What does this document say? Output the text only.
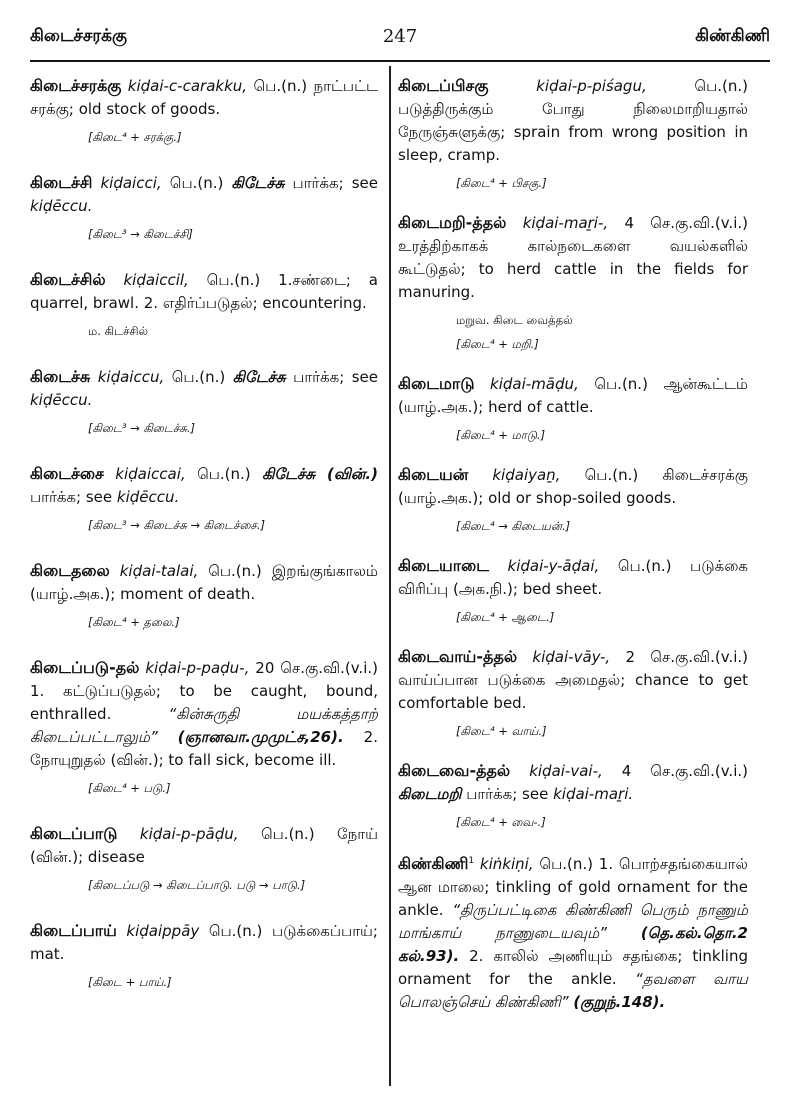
கிடைச்சரக்கு	247	கிண்கிணி
கிடைச்சரக்கு kiḍai-c-carakku, பெ.(n.) நாட்பட்ட சரக்கு; old stock of goods.
[கிடை⁴ + சரக்கு.]
கிடைச்சி kiḍaicci, பெ.(n.) கிடேச்சு பார்க்க; see kiḍēccu.
[கிடை³ → கிடைச்சி]
கிடைச்சில் kiḍaiccil, பெ.(n.) 1.சண்டை; a quarrel, brawl. 2. எதிர்ப்படுதல்; encountering.
ம. கிடச்சில்
கிடைச்சு kiḍaiccu, பெ.(n.) கிடேச்சு பார்க்க; see kiḍēccu.
[கிடை³ → கிடைச்சு.]
கிடைச்சை kiḍaiccai, பெ.(n.) கிடேச்சு (வின்.) பார்க்க; see kiḍēccu.
[கிடை³ → கிடைச்சு → கிடைச்சை.]
கிடைதலை kiḍai-talai, பெ.(n.) இறங்குங்காலம் (யாழ்.அக.); moment of death.
[கிடை⁴ + தலை.]
கிடைப்படு-தல் kiḍai-p-paḍu-, 20 செ.கு.வி.(v.i.) 1. கட்டுப்படுதல்; to be caught, bound, enthralled.	“கின்சுருதி மயக்கத்தாற் கிடைப்பட்டாலும்” (ஞானவா.முமுட்ச,26). 2. நோயுறுதல் (வின்.); to fall sick, become ill.
[கிடை⁴ + படு.]
கிடைப்பாடு kiḍai-p-pāḍu, பெ.(n.) நோய் (வின்.); disease
[கிடைப்படு → கிடைப்பாடு. படு → பாடு.]
கிடைப்பாய் kiḍaippāy பெ.(n.) படுக்கைப்பாய்; mat.
[கிடை + பாய்.]
கிடைப்பிசகு	kiḍai-p-piśagu,	பெ.(n.) படுத்திருக்கும் போது நிலைமாறியதால் நேருஞ்சுளுக்கு; sprain from wrong position in sleep, cramp.
[கிடை⁴ + பிசகு.]
கிடைமறி-த்தல் kiḍai-maṟi-, 4 செ.கு.வி.(v.i.) உரத்திற்காகக் கால்நடைகளை வயல்களில் கூட்டுதல்; to herd cattle in the fields for manuring.
மறுவ. கிடை வைத்தல்
[கிடை⁴ + மறி.]
கிடைமாடு kiḍai-māḍu, பெ.(n.) ஆன்கூட்டம் (யாழ்.அக.); herd of cattle.
[கிடை⁴ + மாடு.]
கிடையன் kiḍaiyaṉ, பெ.(n.) கிடைச்சரக்கு (யாழ்.அக.); old or shop-soiled goods.
[கிடை⁴ → கிடையன்.]
கிடையாடை kiḍai-y-āḍai, பெ.(n.) படுக்கை விரிப்பு (அக.நி.); bed sheet.
[கிடை⁴ + ஆடை.]
கிடைவாய்-த்தல் kiḍai-vāy-, 2 செ.கு.வி.(v.i.) வாய்ப்பான படுக்கை அமைதல்; chance to get comfortable bed.
[கிடை⁴ + வாய்.]
கிடைவை-த்தல் kiḍai-vai-, 4 செ.கு.வி.(v.i.) கிடைமறி பார்க்க; see kiḍai-maṟi.
[கிடை⁴ + வை-.]
கிண்கிணி$^1$ kiṅkiṇi, பெ.(n.) 1. பொற்சதங்கையால் ஆன மாலை; tinkling of gold ornament for the ankle. “திருப்பட்டிகை கிண்கிணி பெரும் நாணும் மாங்காய் நாணுடையவும்” (தெ.கல்.தொ.2 கல்.93). 2. காலில் அணியும் சதங்கை; tinkling ornament for the ankle. “தவளை வாய பொலஞ்செய் கிண்கிணி” (குறுந்.148).
